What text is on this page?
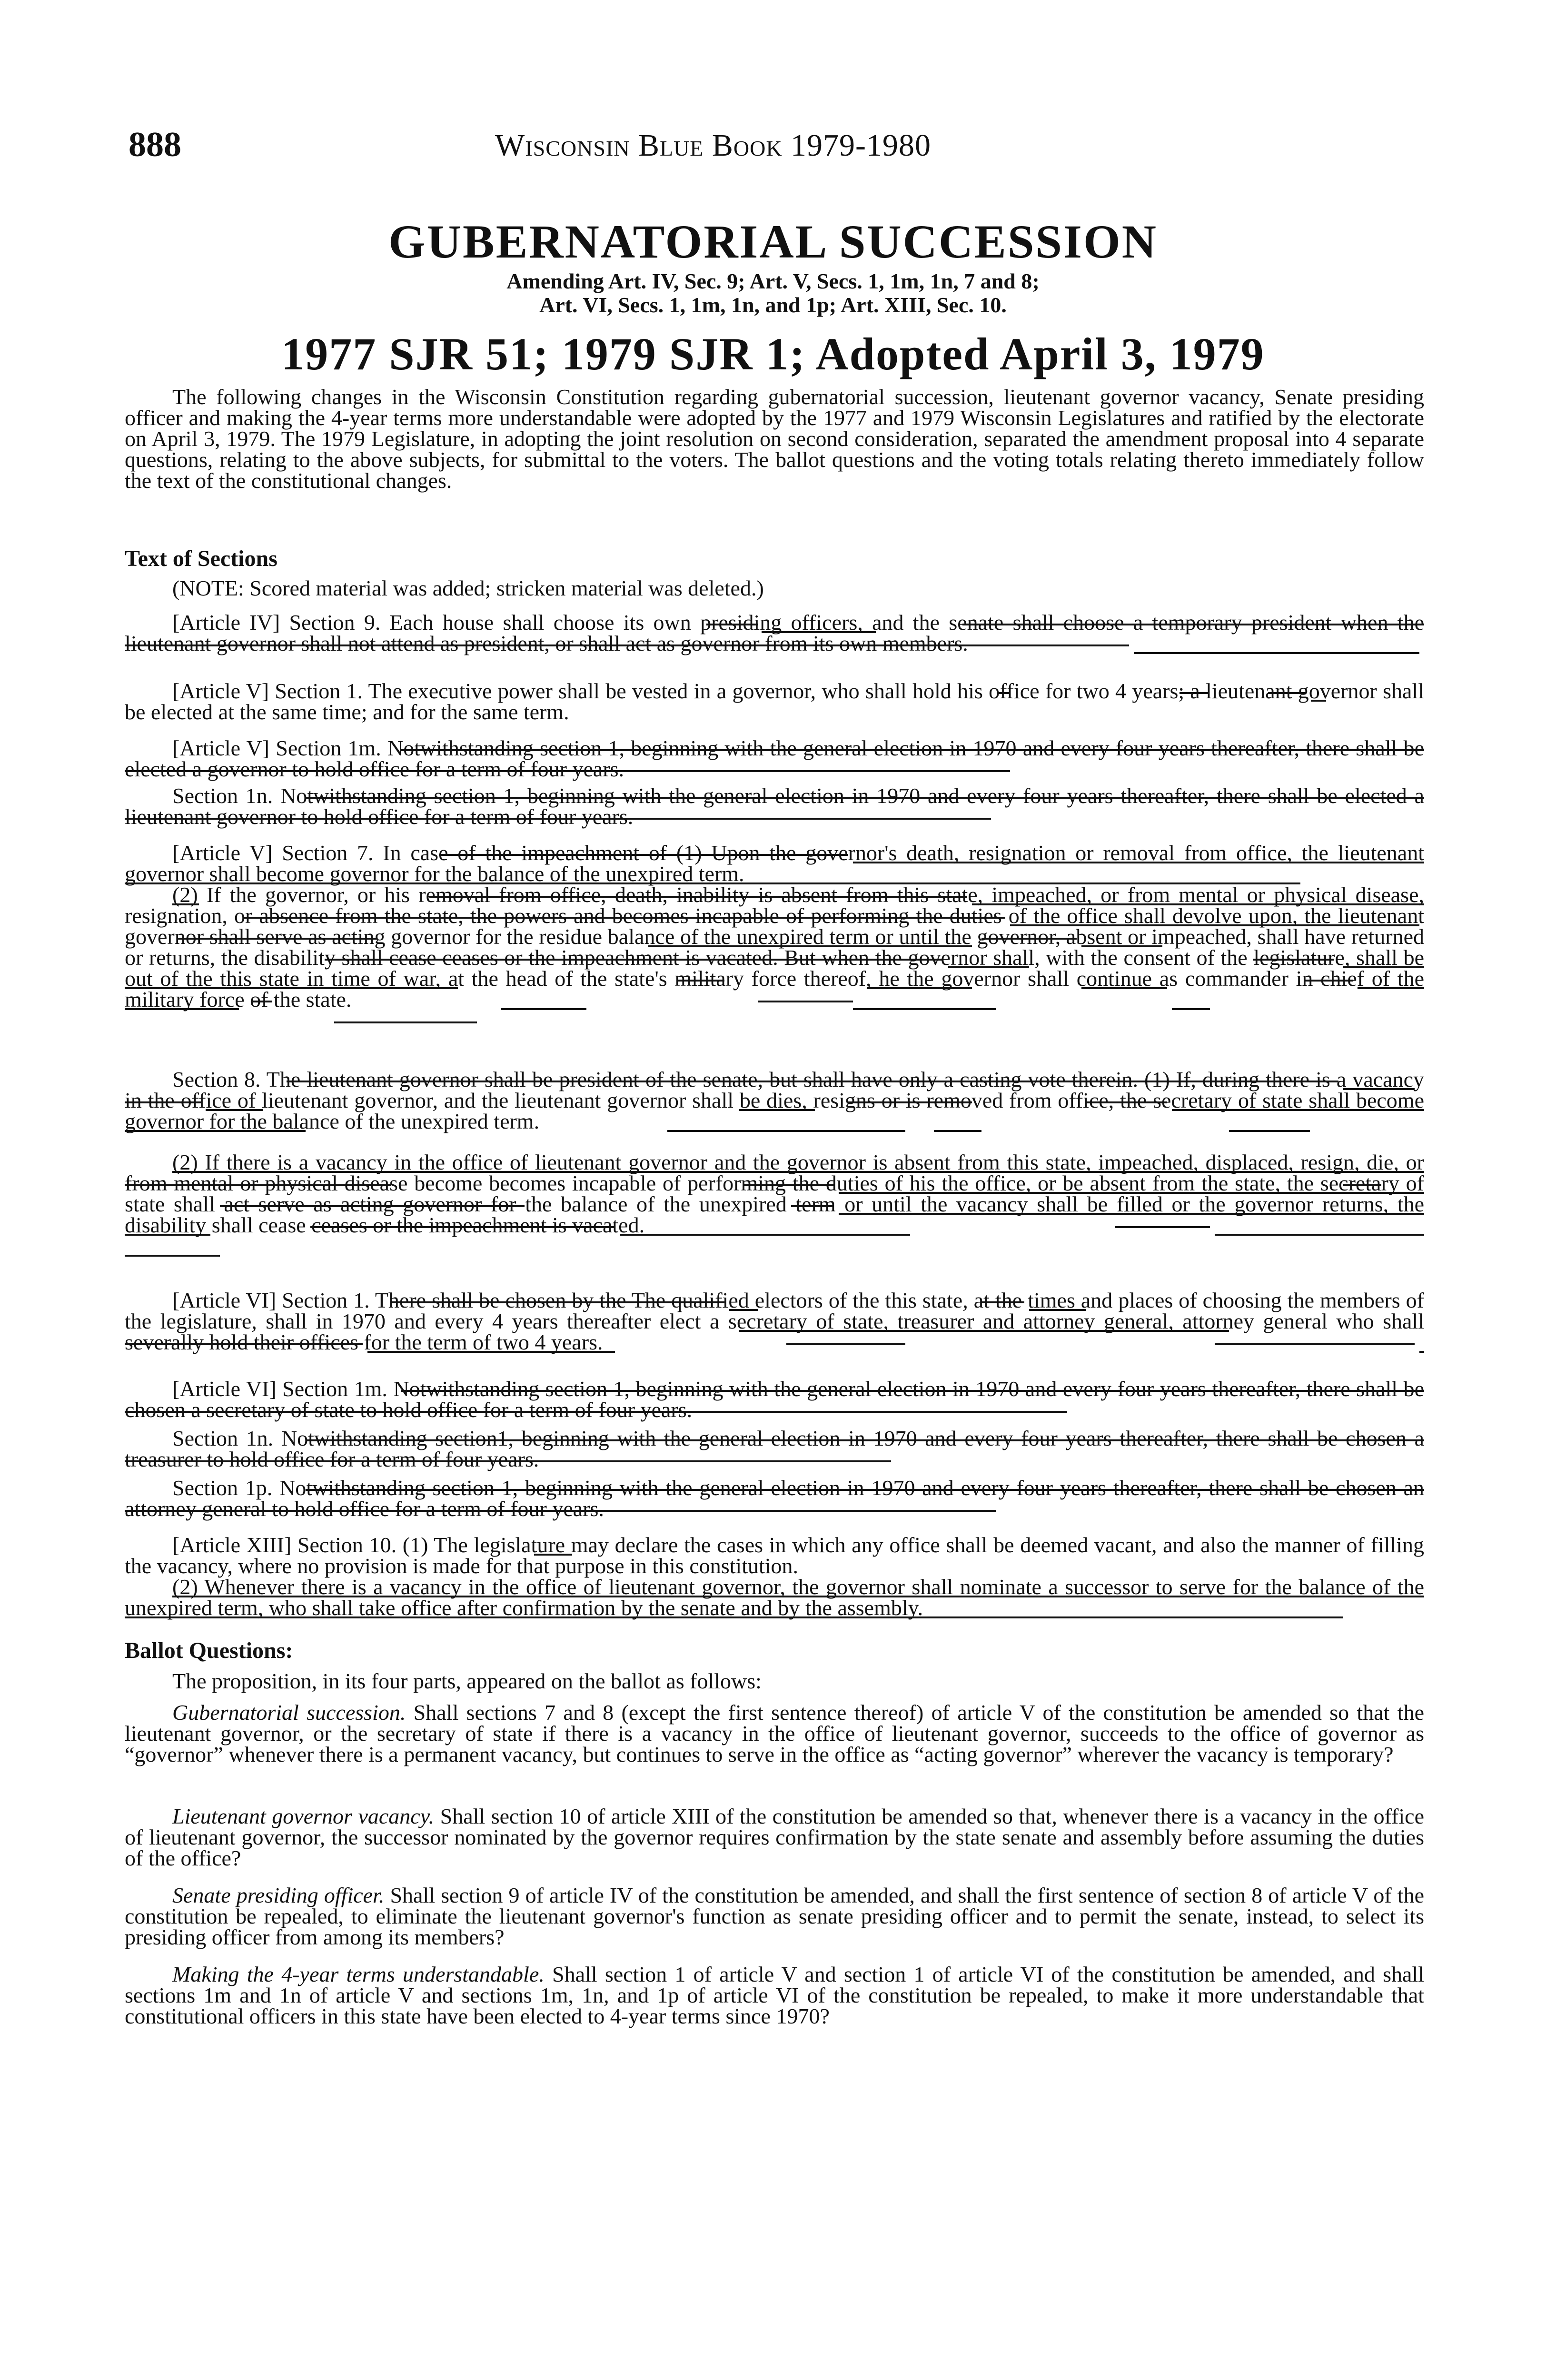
888	Wisconsin Blue Book 1979-1980
GUBERNATORIAL SUCCESSION
Amending Art. IV, Sec. 9; Art. V, Secs. 1, 1m, 1n, 7 and 8;
Art. VI, Secs. 1, 1m, 1n, and 1p; Art. XIII, Sec. 10.
1977 SJR 51; 1979 SJR 1; Adopted April 3, 1979
The following changes in the Wisconsin Constitution regarding gubernatorial succession, lieutenant governor vacancy, Senate presiding officer and making the 4-year terms more understandable were adopted by the 1977 and 1979 Wisconsin Legislatures and ratified by the electorate on April 3, 1979. The 1979 Legislature, in adopting the joint resolution on second consideration, separated the amendment proposal into 4 separate questions, relating to the above subjects, for submittal to the voters. The ballot questions and the voting totals relating thereto immediately follow the text of the constitutional changes.
Text of Sections
(NOTE: Scored material was added; stricken material was deleted.)
[Article IV] Section 9. Each house shall choose its own presiding officers, and the senate shall choose a temporary president when the lieutenant governor shall not attend as president, or shall act as governor from its own members.
[Article V] Section 1. The executive power shall be vested in a governor, who shall hold his office for two 4 years; a lieutenant governor shall be elected at the same time; and for the same term.
[Article V] Section 1m. Notwithstanding section 1, beginning with the general election in 1970 and every four years thereafter, there shall be elected a governor to hold office for a term of four years.
Section 1n. Notwithstanding section 1, beginning with the general election in 1970 and every four years thereafter, there shall be elected a lieutenant governor to hold office for a term of four years.
[Article V] Section 7. In case of the impeachment of (1) Upon the governor's death, resignation or removal from office, the lieutenant governor shall become governor for the balance of the unexpired term.
(2) If the governor, or his removal from office, death, inability is absent from this state, impeached, or from mental or physical disease, resignation, or absence from the state, the powers and becomes incapable of performing the duties of the office shall devolve upon, the lieutenant governor shall serve as acting governor for the residue balance of the unexpired term or until the governor, absent or impeached, shall have returned or returns, the disability shall cease ceases or the impeachment is vacated. But when the governor shall, with the consent of the legislature, shall be out of the this state in time of war, at the head of the state's military force thereof, he the governor shall continue as commander in chief of the military force of the state.
Section 8. The lieutenant governor shall be president of the senate, but shall have only a casting vote therein. (1) If, during there is a vacancy in the office of lieutenant governor, and the lieutenant governor shall be dies, resigns or is removed from office, the secretary of state shall become governor for the balance of the unexpired term.
(2) If there is a vacancy in the office of lieutenant governor and the governor is absent from this state, impeached, displaced, resign, die, or from mental or physical disease become becomes incapable of performing the duties of his the office, or be absent from the state, the secretary of state shall act serve as acting governor for the balance of the unexpired term or until the vacancy shall be filled or the governor returns, the disability shall cease ceases or the impeachment is vacated.
[Article VI] Section 1. There shall be chosen by the The qualified electors of the this state, at the times and places of choosing the members of the legislature, shall in 1970 and every 4 years thereafter elect a secretary of state, treasurer and attorney general, attorney general who shall severally hold their offices for the term of two 4 years.
[Article VI] Section 1m. Notwithstanding section 1, beginning with the general election in 1970 and every four years thereafter, there shall be chosen a secretary of state to hold office for a term of four years.
Section 1n. Notwithstanding section1, beginning with the general election in 1970 and every four years thereafter, there shall be chosen a treasurer to hold office for a term of four years.
Section 1p. Notwithstanding section 1, beginning with the general election in 1970 and every four years thereafter, there shall be chosen an attorney general to hold office for a term of four years.
[Article XIII] Section 10. (1) The legislature may declare the cases in which any office shall be deemed vacant, and also the manner of filling the vacancy, where no provision is made for that purpose in this constitution.
(2) Whenever there is a vacancy in the office of lieutenant governor, the governor shall nominate a successor to serve for the balance of the unexpired term, who shall take office after confirmation by the senate and by the assembly.
Ballot Questions:
The proposition, in its four parts, appeared on the ballot as follows:
Gubernatorial succession. Shall sections 7 and 8 (except the first sentence thereof) of article V of the constitution be amended so that the lieutenant governor, or the secretary of state if there is a vacancy in the office of lieutenant governor, succeeds to the office of governor as “governor” whenever there is a permanent vacancy, but continues to serve in the office as “acting governor” wherever the vacancy is temporary?
Lieutenant governor vacancy. Shall section 10 of article XIII of the constitution be amended so that, whenever there is a vacancy in the office of lieutenant governor, the successor nominated by the governor requires confirmation by the state senate and assembly before assuming the duties of the office?
Senate presiding officer. Shall section 9 of article IV of the constitution be amended, and shall the first sentence of section 8 of article V of the constitution be repealed, to eliminate the lieutenant governor's function as senate presiding officer and to permit the senate, instead, to select its presiding officer from among its members?
Making the 4-year terms understandable. Shall section 1 of article V and section 1 of article VI of the constitution be amended, and shall sections 1m and 1n of article V and sections 1m, 1n, and 1p of article VI of the constitution be repealed, to make it more understandable that constitutional officers in this state have been elected to 4-year terms since 1970?
